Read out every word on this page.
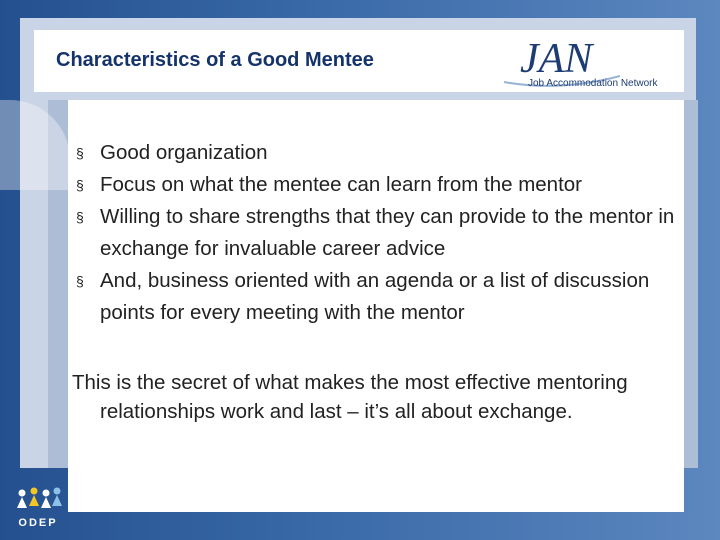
Characteristics of a Good Mentee	JAN
Job Accommodation Network
§ Good organization
§ Focus on what the mentee can learn from the mentor
§ Willing to share strengths that they can provide to the mentor in exchange for invaluable career advice
§ And, business oriented with an agenda or a list of discussion points for every meeting with the mentor
This is the secret of what makes the most effective mentoring relationships work and last – it’s all about exchange.
ODEP
